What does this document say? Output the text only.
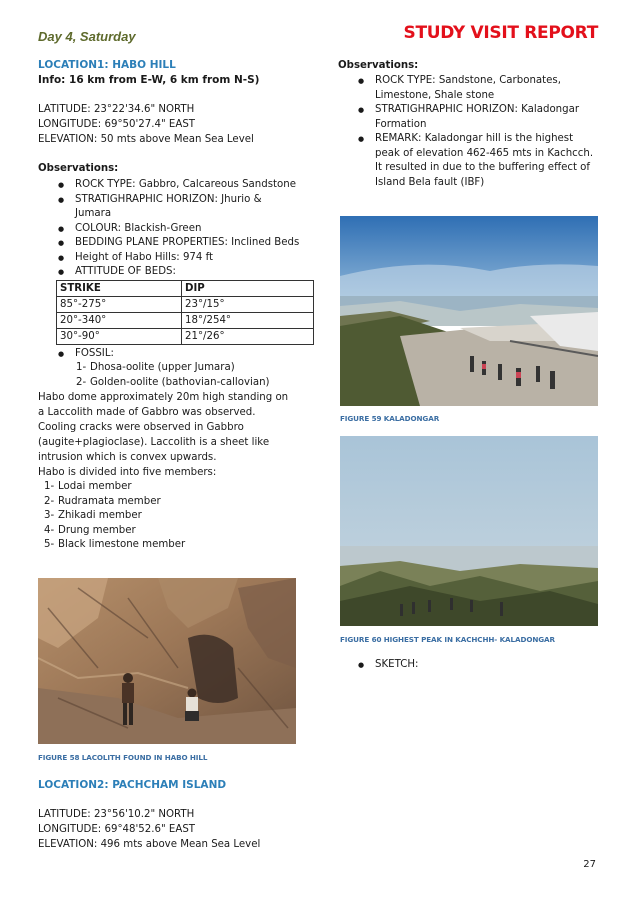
Day 4, Saturday	STUDY VISIT REPORT
LOCATION1: HABO HILL
Info: 16 km from E-W, 6 km from N-S)
LATITUDE: 23°22'34.6" NORTH
LONGITUDE: 69°50'27.4" EAST
ELEVATION: 50 mts above Mean Sea Level
Observations:
● ROCK TYPE: Gabbro, Calcareous Sandstone
● STRATIGHRAPHIC HORIZON: Jhurio & Jumara
● COLOUR: Blackish-Green
● BEDDING PLANE PROPERTIES: Inclined Beds
● Height of Habo Hills: 974 ft
● ATTITUDE OF BEDS:
STRIKE	DIP
85°-275°	23°/15°
20°-340°	18°/254°
30°-90°	21°/26°
● FOSSIL:
1- Dhosa-oolite (upper Jumara)
2- Golden-oolite (bathovian-callovian)
Habo dome approximately 20m high standing on a Laccolith made of Gabbro was observed. Cooling cracks were observed in Gabbro (augite+plagioclase). Laccolith is a sheet like intrusion which is convex upwards.
Habo is divided into five members:
1- Lodai member
2- Rudramata member
3- Zhikadi member
4- Drung member
5- Black limestone member
FIGURE 58 LACOLITH FOUND IN HABO HILL
LOCATION2: PACHCHAM ISLAND
LATITUDE: 23°56'10.2" NORTH
LONGITUDE: 69°48'52.6" EAST
ELEVATION: 496 mts above Mean Sea Level
Observations:
● ROCK TYPE: Sandstone, Carbonates, Limestone, Shale stone
● STRATIGHRAPHIC HORIZON: Kaladongar Formation
● REMARK: Kaladongar hill is the highest peak of elevation 462-465 mts in Kachcch. It resulted in due to the buffering effect of Island Bela fault (IBF)
FIGURE 59 KALADONGAR
FIGURE 60 HIGHEST PEAK IN KACHCHH- KALADONGAR
● SKETCH:
27
